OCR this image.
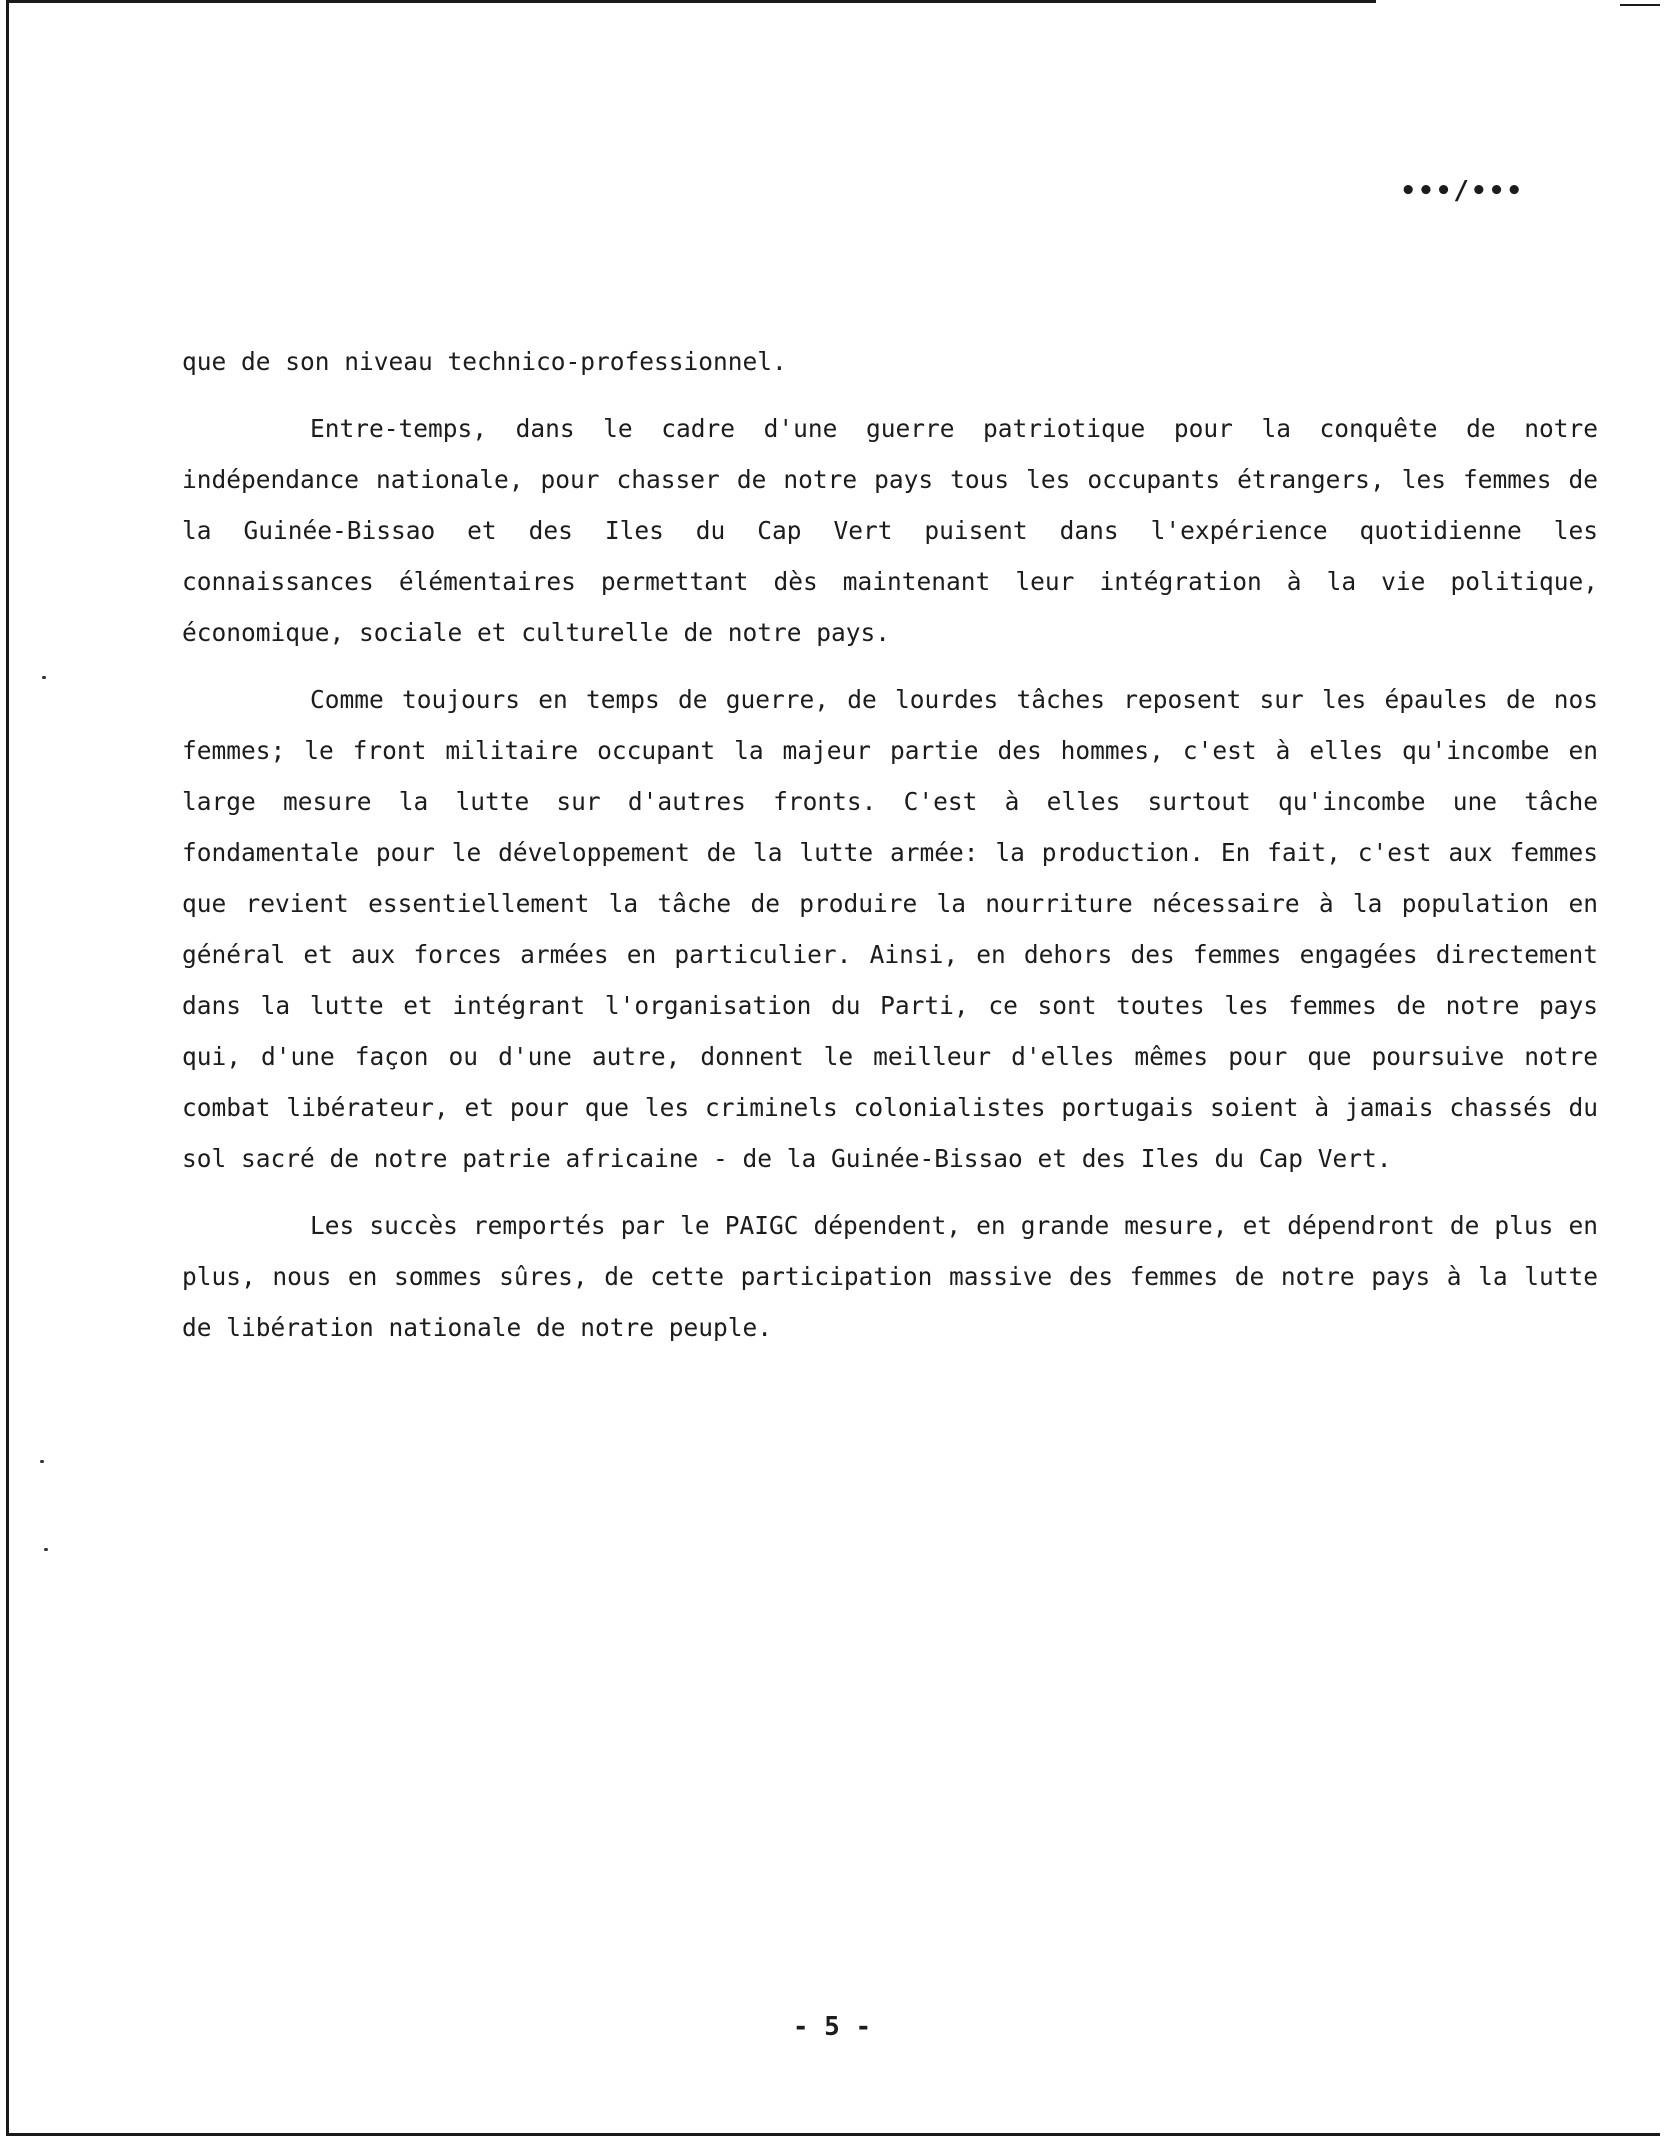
•••/•••

que de son niveau technico-professionnel.

Entre-temps, dans le cadre d'une guerre patriotique pour la conquête de notre indépendance nationale, pour chasser de notre pays tous les occupants étrangers, les femmes de la Guinée-Bissao et des Iles du Cap Vert puisent dans l'expérience quotidienne les connaissances élémentaires permettant dès maintenant leur intégration à la vie politique, économique, sociale et culturelle de notre pays.

Comme toujours en temps de guerre, de lourdes tâches reposent sur les épaules de nos femmes; le front militaire occupant la majeur partie des hommes, c'est à elles qu'incombe en large mesure la lutte sur d'autres fronts. C'est à elles surtout qu'incombe une tâche fondamentale pour le développement de la lutte armée: la production. En fait, c'est aux femmes que revient essentiellement la tâche de produire la nourriture nécessaire à la population en général et aux forces armées en particulier. Ainsi, en dehors des femmes engagées directement dans la lutte et intégrant l'organisation du Parti, ce sont toutes les femmes de notre pays qui, d'une façon ou d'une autre, donnent le meilleur d'elles mêmes pour que poursuive notre combat libérateur, et pour que les criminels colonialistes portugais soient à jamais chassés du sol sacré de notre patrie africaine - de la Guinée-Bissao et des Iles du Cap Vert.

Les succès remportés par le PAIGC dépendent, en grande mesure, et dépendront de plus en plus, nous en sommes sûres, de cette participation massive des femmes de notre pays à la lutte de libération nationale de notre peuple.

- 5 -
